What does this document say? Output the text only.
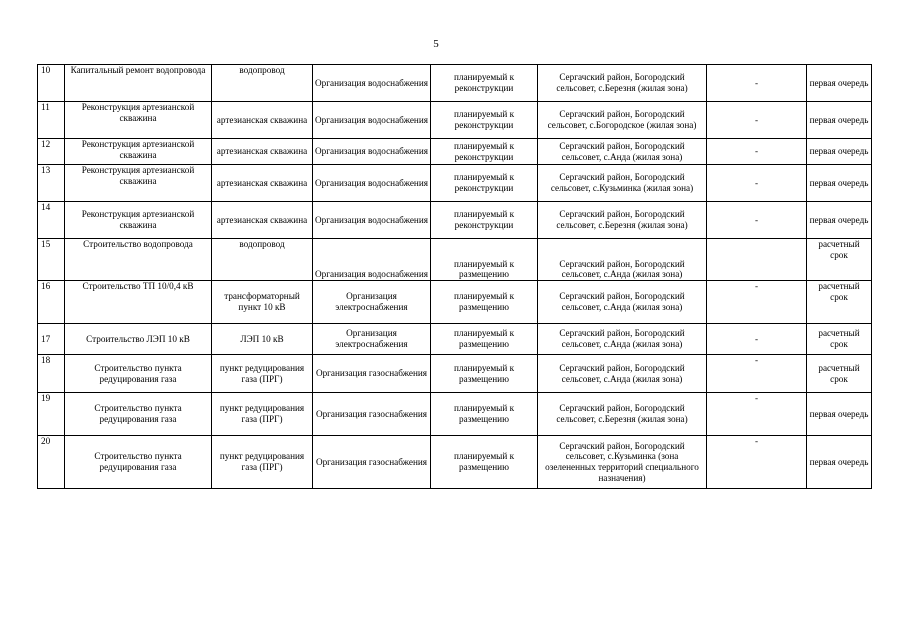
5
10	Капитальный ремонт водопровода	водопровод	Организация водоснабжения	планируемый к реконструкции	Сергачский район, Богородский сельсовет, с.Березня (жилая зона)	-	первая очередь
11	Реконструкция артезианской скважина	артезианская скважина	Организация водоснабжения	планируемый к реконструкции	Сергачский район, Богородский сельсовет, с.Богородское (жилая зона)	-	первая очередь
12	Реконструкция артезианской скважина	артезианская скважина	Организация водоснабжения	планируемый к реконструкции	Сергачский район, Богородский сельсовет, с.Анда (жилая зона)	-	первая очередь
13	Реконструкция артезианской скважина	артезианская скважина	Организация водоснабжения	планируемый к реконструкции	Сергачский район, Богородский сельсовет, с.Кузьминка (жилая зона)	-	первая очередь
14	Реконструкция артезианской скважина	артезианская скважина	Организация водоснабжения	планируемый к реконструкции	Сергачский район, Богородский сельсовет, с.Березня (жилая зона)	-	первая очередь
15	Строительство водопровода	водопровод	Организация водоснабжения	планируемый к размещению	Сергачский район, Богородский сельсовет, с.Анда (жилая зона)		расчетный срок
16	Строительство ТП 10/0,4 кВ	трансформаторный пункт 10 кВ	Организация электроснабжения	планируемый к размещению	Сергачский район, Богородский сельсовет, с.Анда (жилая зона)	-	расчетный срок
17	Строительство ЛЭП 10 кВ	ЛЭП 10 кВ	Организация электроснабжения	планируемый к размещению	Сергачский район, Богородский сельсовет, с.Анда (жилая зона)	-	расчетный срок
18	Строительство пункта редуцирования газа	пункт редуцирования газа (ПРГ)	Организация газоснабжения	планируемый к размещению	Сергачский район, Богородский сельсовет, с.Анда (жилая зона)	-	расчетный срок
19	Строительство пункта редуцирования газа	пункт редуцирования газа (ПРГ)	Организация газоснабжения	планируемый к размещению	Сергачский район, Богородский сельсовет, с.Березня (жилая зона)	-	первая очередь
20	Строительство пункта редуцирования газа	пункт редуцирования газа (ПРГ)	Организация газоснабжения	планируемый к размещению	Сергачский район, Богородский сельсовет, с.Кузьминка (зона озелененных территорий специального назначения)	-	первая очередь
